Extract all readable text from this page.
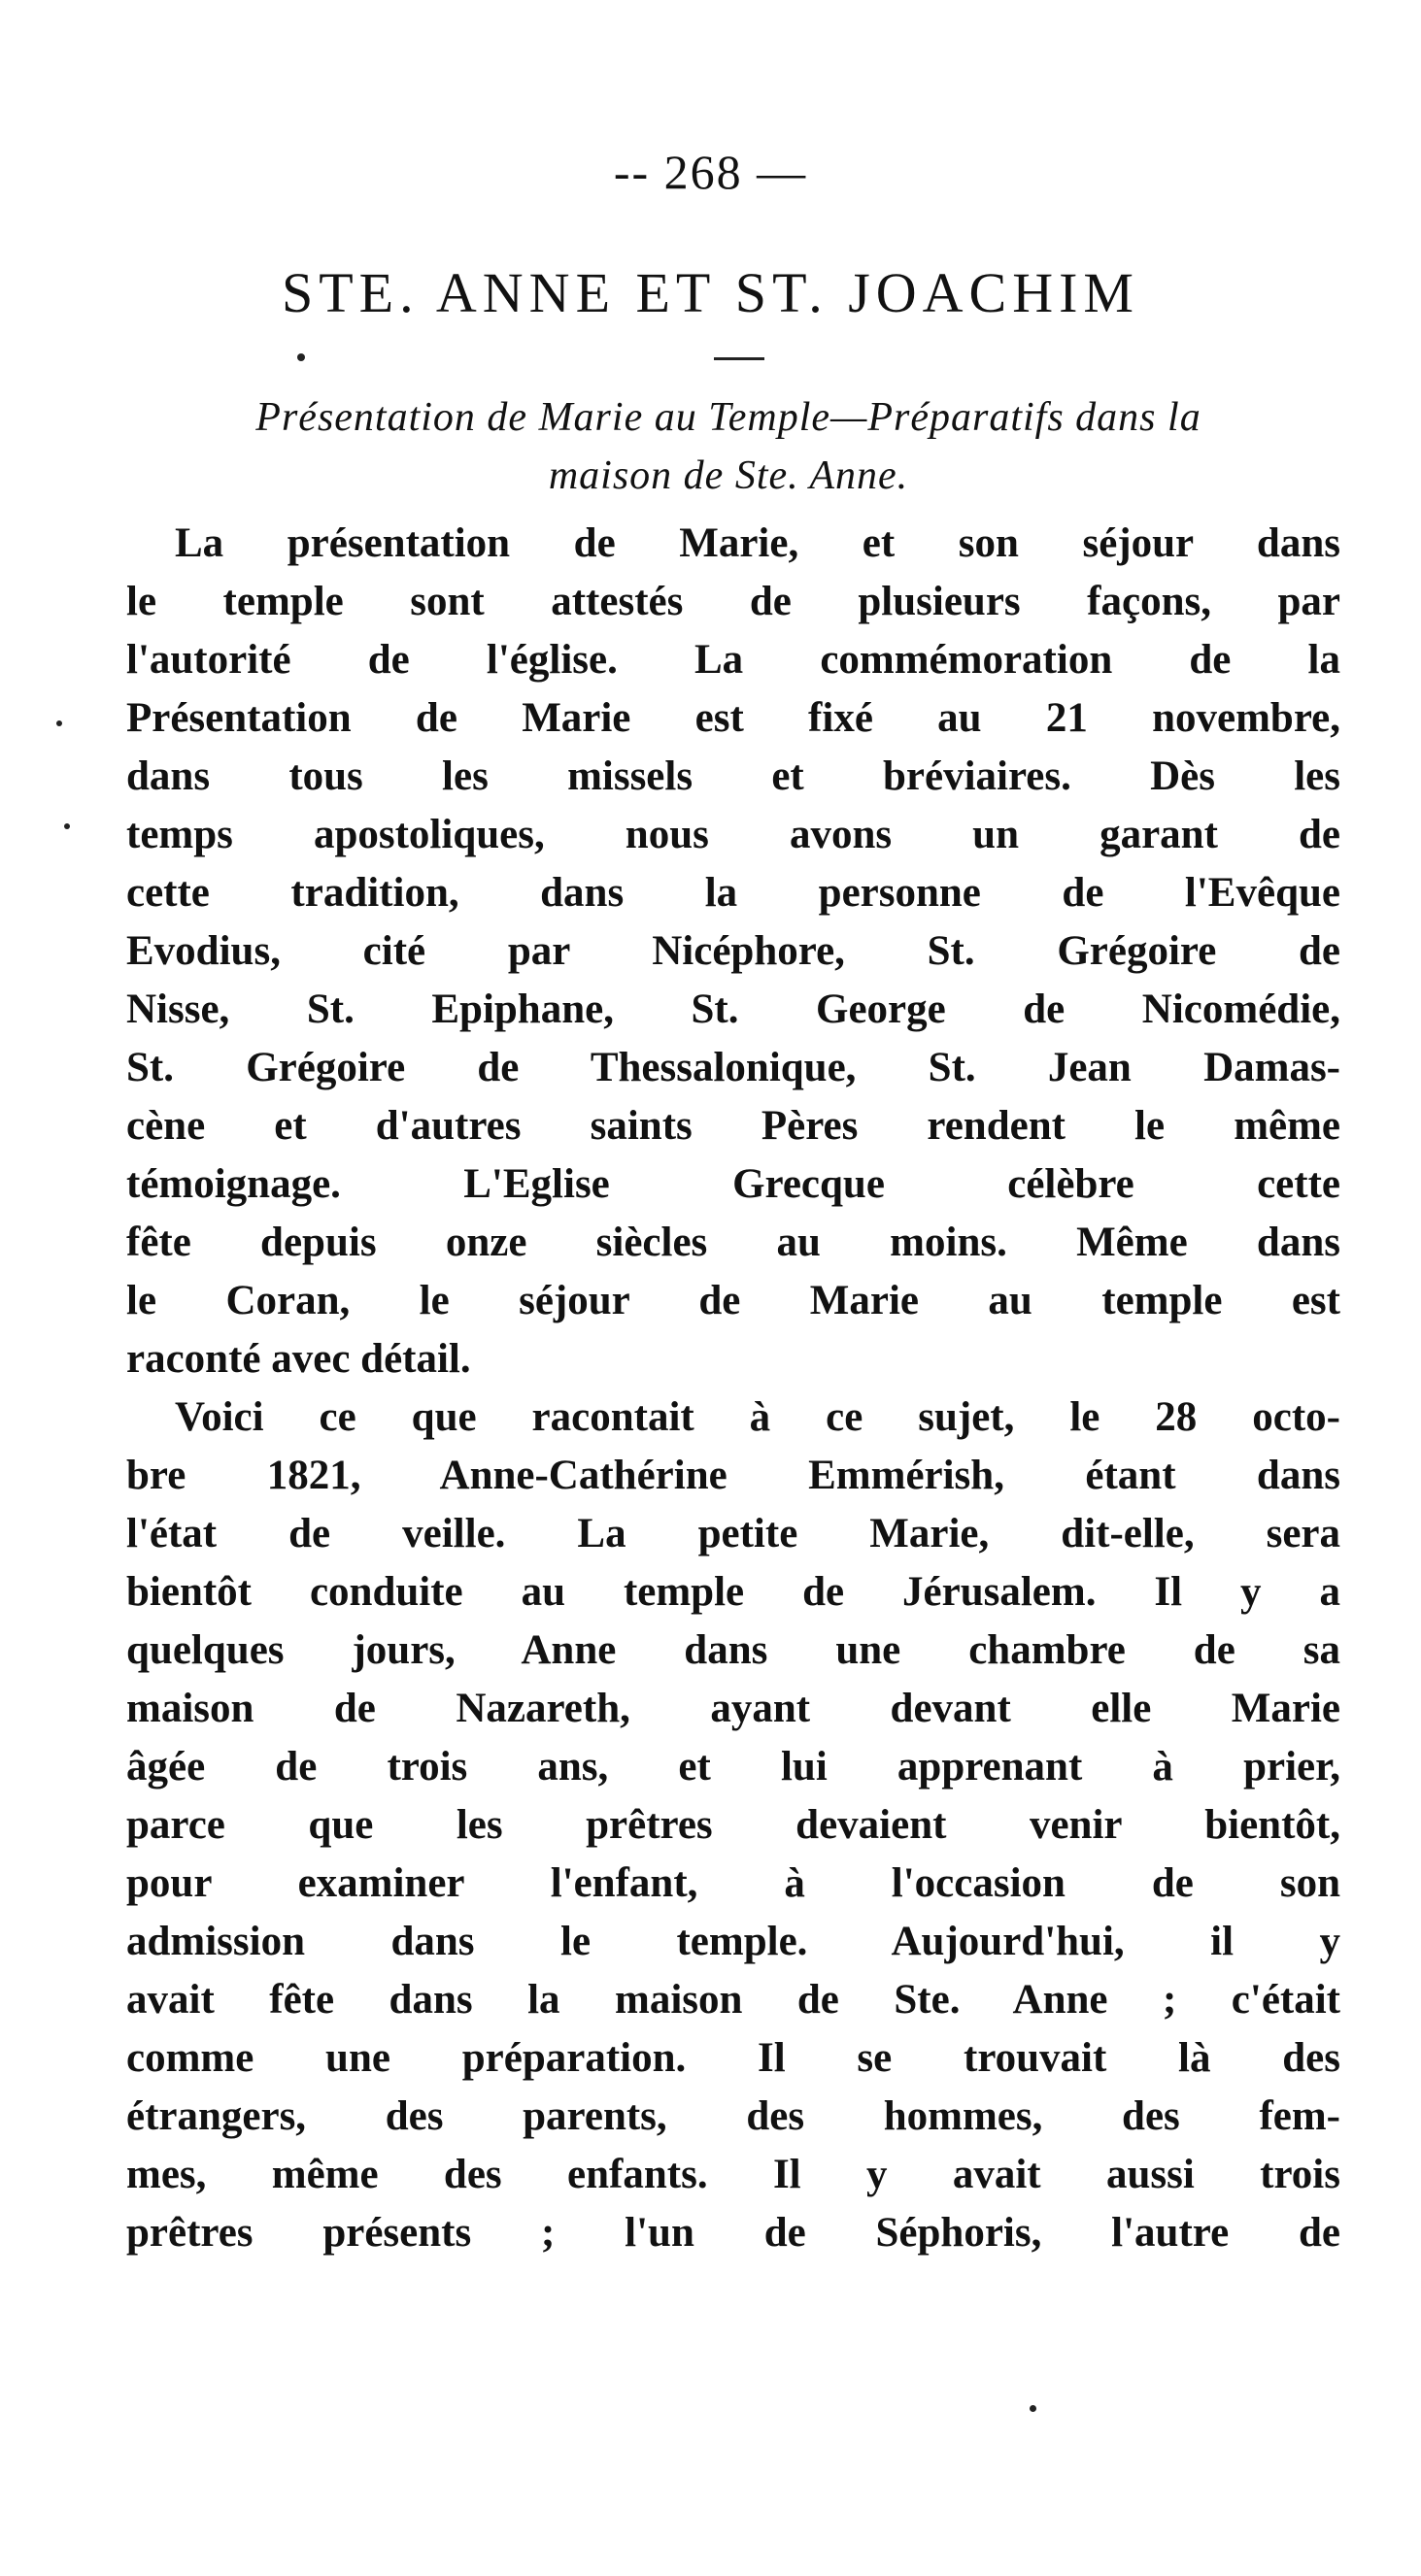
-- 268 —
STE. ANNE ET ST. JOACHIM
Présentation de Marie au Temple—Préparatifs dans la
maison de Ste. Anne.
La présentation de Marie, et son séjour dans
le temple sont attestés de plusieurs façons, par
l'autorité de l'église. La commémoration de la
Présentation de Marie est fixé au 21 novembre,
dans tous les missels et bréviaires. Dès les
temps apostoliques, nous avons un garant de
cette tradition, dans la personne de l'Evêque
Evodius, cité par Nicéphore, St. Grégoire de
Nisse, St. Epiphane, St. George de Nicomédie,
St. Grégoire de Thessalonique, St. Jean Damas-
cène et d'autres saints Pères rendent le même
témoignage. L'Eglise Grecque célèbre cette
fête depuis onze siècles au moins. Même dans
le Coran, le séjour de Marie au temple est
raconté avec détail.
Voici ce que racontait à ce sujet, le 28 octo-
bre 1821, Anne-Cathérine Emmérish, étant dans
l'état de veille. La petite Marie, dit-elle, sera
bientôt conduite au temple de Jérusalem. Il y a
quelques jours, Anne dans une chambre de sa
maison de Nazareth, ayant devant elle Marie
âgée de trois ans, et lui apprenant à prier,
parce que les prêtres devaient venir bientôt,
pour examiner l'enfant, à l'occasion de son
admission dans le temple. Aujourd'hui, il y
avait fête dans la maison de Ste. Anne ; c'était
comme une préparation. Il se trouvait là des
étrangers, des parents, des hommes, des fem-
mes, même des enfants. Il y avait aussi trois
prêtres présents ; l'un de Séphoris, l'autre de
